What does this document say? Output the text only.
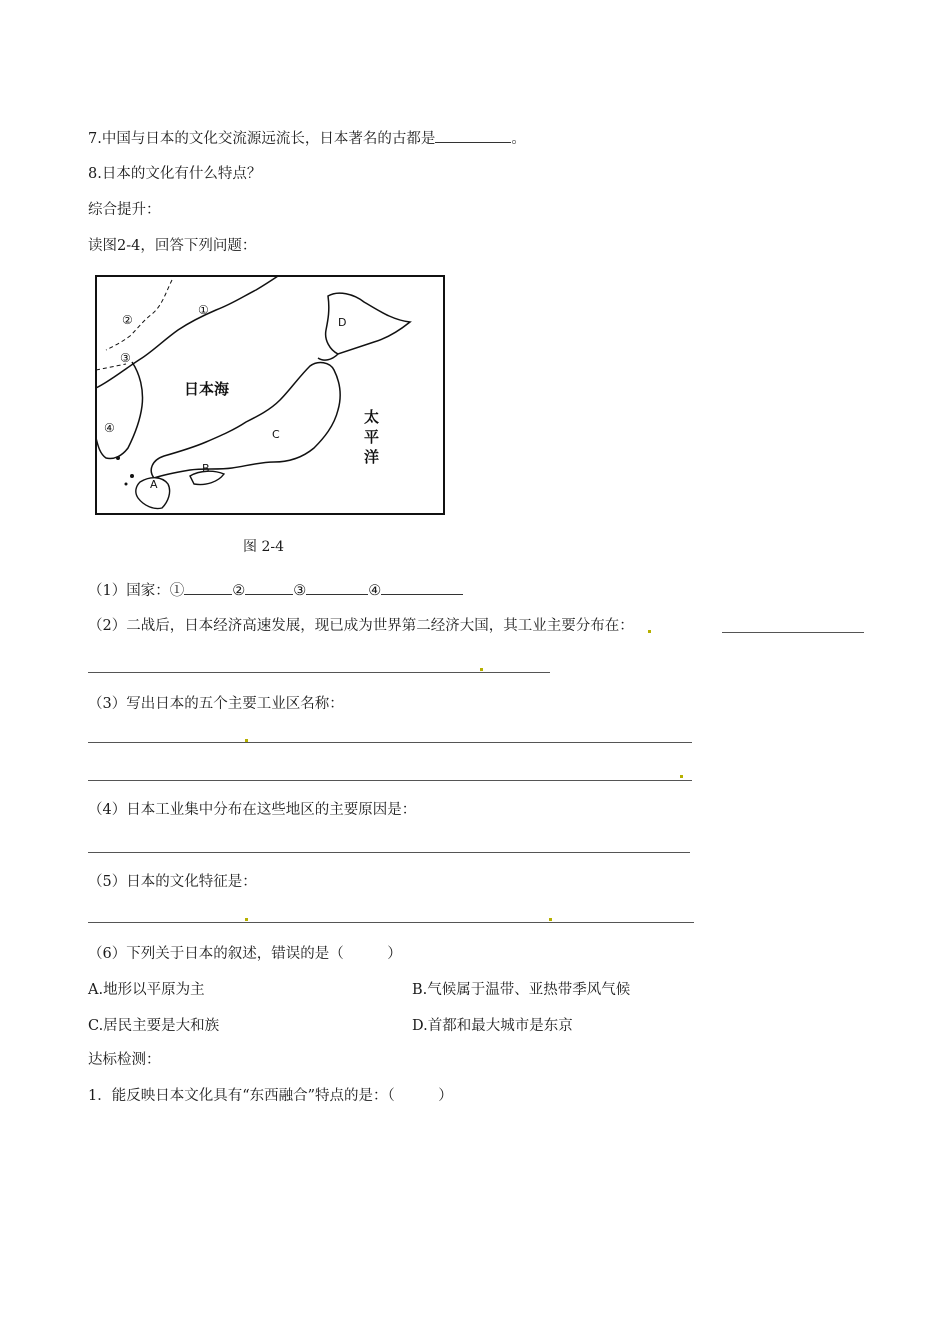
7.中国与日本的文化交流源远流长，日本著名的古都是	。
8.日本的文化有什么特点？
综合提升：
读图2-4，回答下列问题：
①
②
③
④
A
B
C
D
日本海
太
平
洋
图 2-4
（1）国家：①	②	③	④
（2）二战后，日本经济高速发展，现已成为世界第二经济大国，其工业主要分布在：
（3）写出日本的五个主要工业区名称：
（4）日本工业集中分布在这些地区的主要原因是：
（5）日本的文化特征是：
（6）下列关于日本的叙述，错误的是（　　　）
A.地形以平原为主	B.气候属于温带、亚热带季风气候
C.居民主要是大和族	D.首都和最大城市是东京
达标检测：
1．能反映日本文化具有“东西融合”特点的是：（　　　）
